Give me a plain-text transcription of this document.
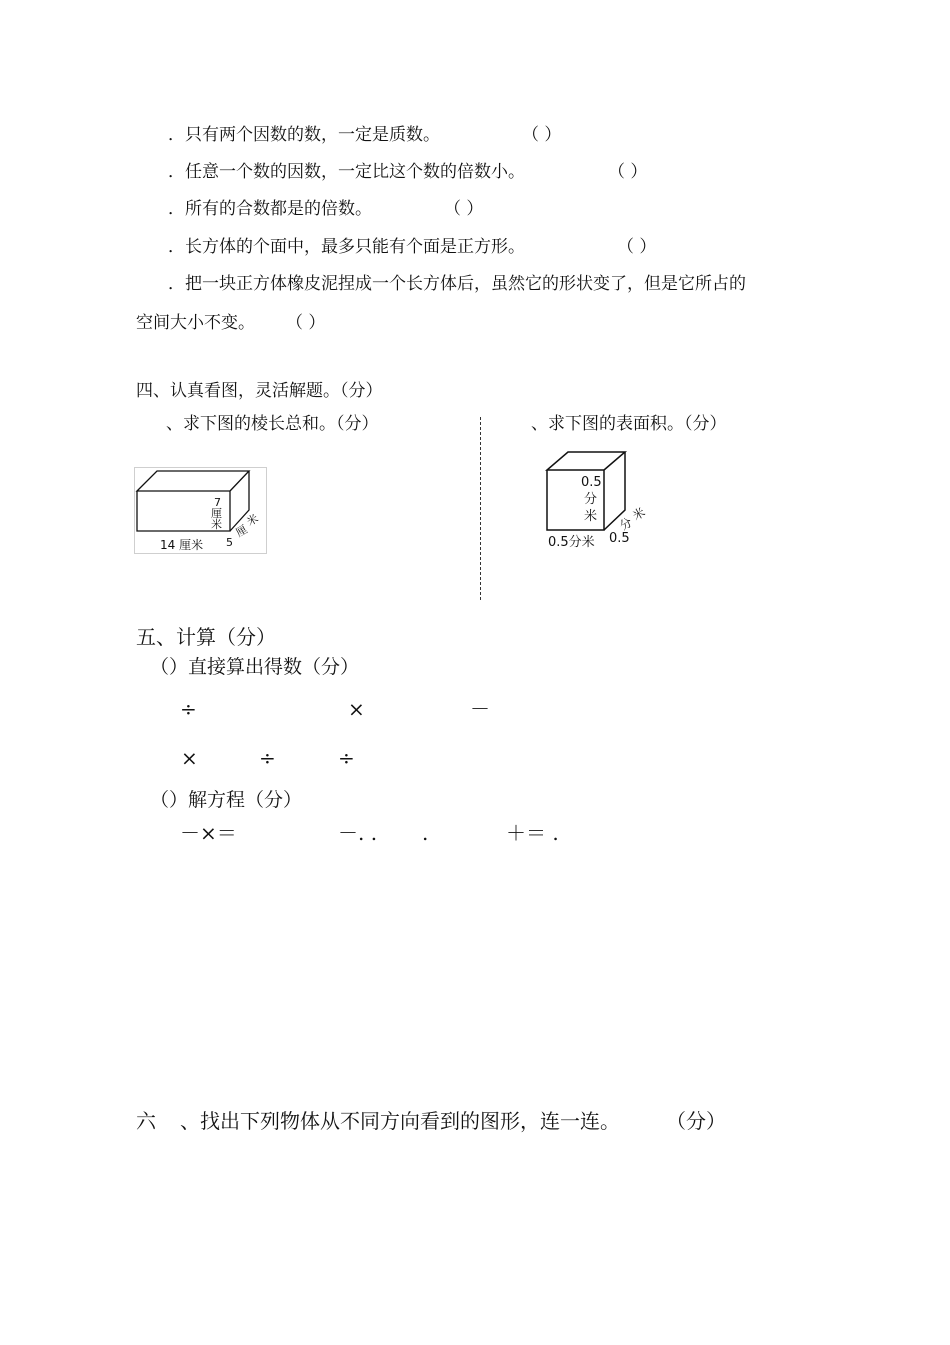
．只有两个因数的数，一定是质数。	（ ）
．任意一个数的因数，一定比这个数的倍数小。	（ ）
．所有的合数都是的倍数。	（ ）
．长方体的个面中，最多只能有个面是正方形。	（ ）
．把一块正方体橡皮泥捏成一个长方体后，虽然它的形状变了，但是它所占的
空间大小不变。 （ ）
四、认真看图，灵活解题。（分）
、求下图的棱长总和。（分）	、求下图的表面积。（分）
7
厘
米
14 厘米 5
厘
米
0.5
分
米
0.5分米 0.5
分
米
五、计算（分）
（）直接算出得数（分）
÷	×	－
×	÷	÷
（）解方程（分）
－×＝	－. . .	＋＝ .
六 、找出下列物体从不同方向看到的图形，连一连。 （分）
